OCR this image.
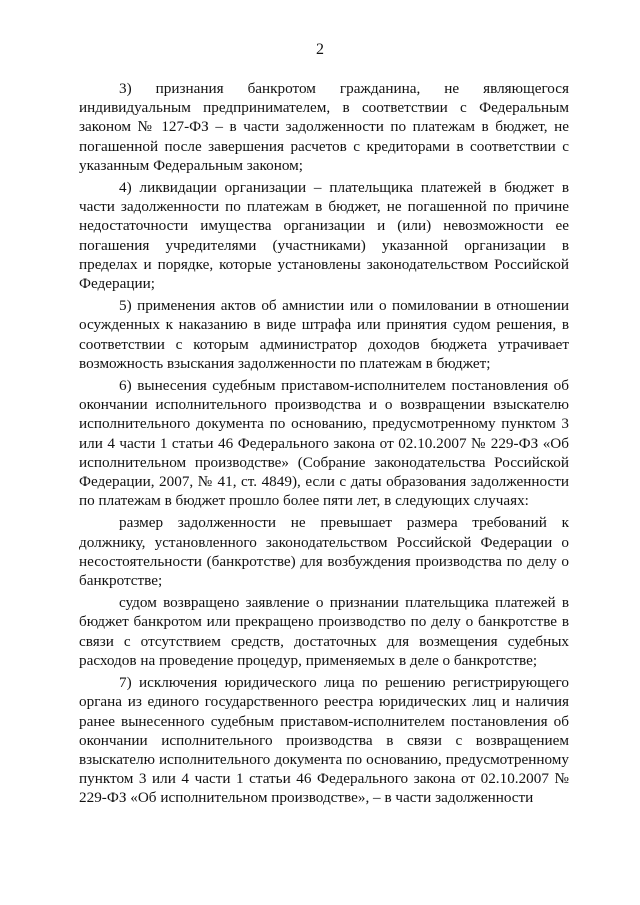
2

3) признания банкротом гражданина, не являющегося индивидуальным предпринимателем, в соответствии с Федеральным законом № 127-ФЗ – в части задолженности по платежам в бюджет, не погашенной после завершения расчетов с кредиторами в соответствии с указанным Федеральным законом;

4) ликвидации организации – плательщика платежей в бюджет в части задолженности по платежам в бюджет, не погашенной по причине недостаточности имущества организации и (или) невозможности ее погашения учредителями (участниками) указанной организации в пределах и порядке, которые установлены законодательством Российской Федерации;

5) применения актов об амнистии или о помиловании в отношении осужденных к наказанию в виде штрафа или принятия судом решения, в соответствии с которым администратор доходов бюджета утрачивает возможность взыскания задолженности по платежам в бюджет;

6) вынесения судебным приставом-исполнителем постановления об окончании исполнительного производства и о возвращении взыскателю исполнительного документа по основанию, предусмотренному пунктом 3 или 4 части 1 статьи 46 Федерального закона от 02.10.2007 № 229-ФЗ «Об исполнительном производстве» (Собрание законодательства Российской Федерации, 2007, № 41, ст. 4849), если с даты образования задолженности по платежам в бюджет прошло более пяти лет, в следующих случаях:

размер задолженности не превышает размера требований к должнику, установленного законодательством Российской Федерации о несостоятельности (банкротстве) для возбуждения производства по делу о банкротстве;

судом возвращено заявление о признании плательщика платежей в бюджет банкротом или прекращено производство по делу о банкротстве в связи с отсутствием средств, достаточных для возмещения судебных расходов на проведение процедур, применяемых в деле о банкротстве;

7) исключения юридического лица по решению регистрирующего органа из единого государственного реестра юридических лиц и наличия ранее вынесенного судебным приставом-исполнителем постановления об окончании исполнительного производства в связи с возвращением взыскателю исполнительного документа по основанию, предусмотренному пунктом 3 или 4 части 1 статьи 46 Федерального закона от 02.10.2007 № 229-ФЗ «Об исполнительном производстве», – в части задолженности
